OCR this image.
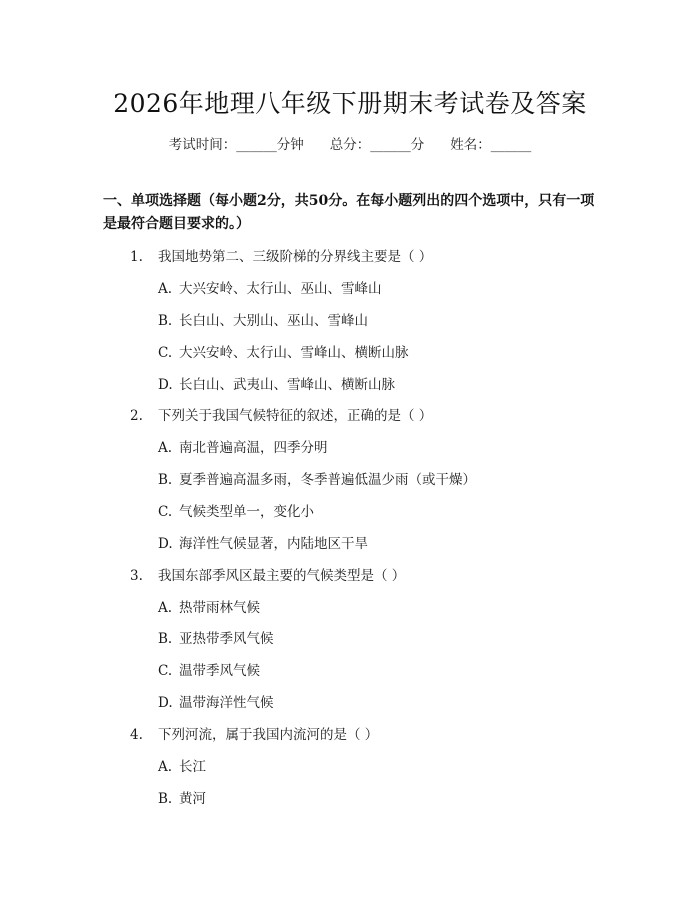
2026年地理八年级下册期末考试卷及答案
考试时间：______分钟 总分：______分 姓名：______
一、单项选择题（每小题2分，共50分。在每小题列出的四个选项中，只有一项是最符合题目要求的。）
1. 我国地势第二、三级阶梯的分界线主要是（ ）
A. 大兴安岭、太行山、巫山、雪峰山
B. 长白山、大别山、巫山、雪峰山
C. 大兴安岭、太行山、雪峰山、横断山脉
D. 长白山、武夷山、雪峰山、横断山脉
2. 下列关于我国气候特征的叙述，正确的是（ ）
A. 南北普遍高温，四季分明
B. 夏季普遍高温多雨，冬季普遍低温少雨（或干燥）
C. 气候类型单一，变化小
D. 海洋性气候显著，内陆地区干旱
3. 我国东部季风区最主要的气候类型是（ ）
A. 热带雨林气候
B. 亚热带季风气候
C. 温带季风气候
D. 温带海洋性气候
4. 下列河流，属于我国内流河的是（ ）
A. 长江
B. 黄河
